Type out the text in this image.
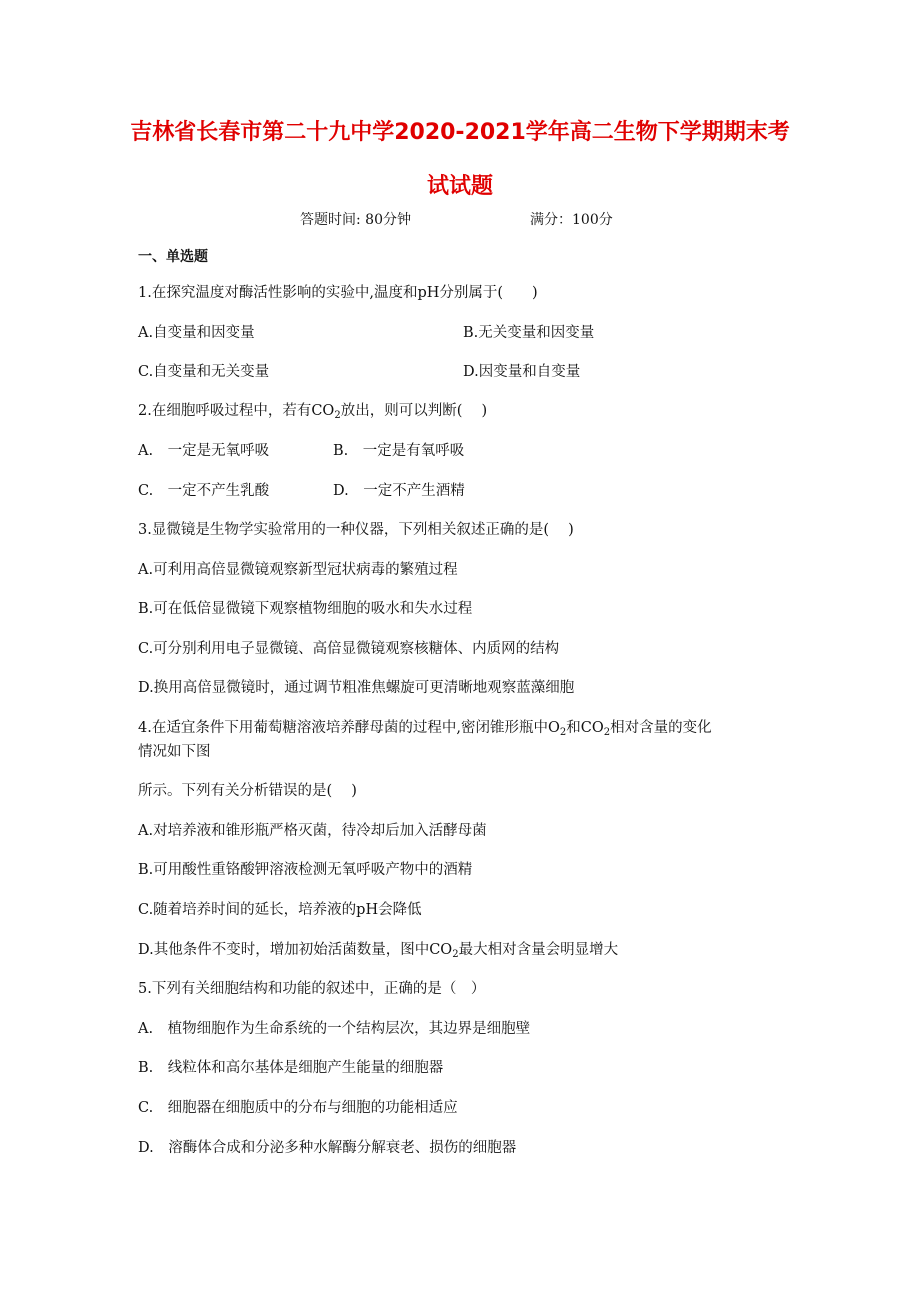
吉林省长春市第二十九中学2020-2021学年高二生物下学期期末考
试试题
答题时间: 80分钟	满分：100分
一、单选题
1.在探究温度对酶活性影响的实验中,温度和pH分别属于(　　)
A.自变量和因变量	B.无关变量和因变量
C.自变量和无关变量	D.因变量和自变量
2.在细胞呼吸过程中，若有$CO_2$放出，则可以判断(　 )
A.　一定是无氧呼吸	B.　一定是有氧呼吸
C.　一定不产生乳酸	D.　一定不产生酒精
3.显微镜是生物学实验常用的一种仪器，下列相关叙述正确的是(　 )
A.可利用高倍显微镜观察新型冠状病毒的繁殖过程
B.可在低倍显微镜下观察植物细胞的吸水和失水过程
C.可分别利用电子显微镜、高倍显微镜观察核糖体、内质网的结构
D.换用高倍显微镜时，通过调节粗准焦螺旋可更清晰地观察蓝藻细胞
4.在适宜条件下用葡萄糖溶液培养酵母菌的过程中,密闭锥形瓶中$O_2$和$CO_2$相对含量的变化
情况如下图
所示。下列有关分析错误的是(　 )
A.对培养液和锥形瓶严格灭菌，待冷却后加入活酵母菌
B.可用酸性重铬酸钾溶液检测无氧呼吸产物中的酒精
C.随着培养时间的延长，培养液的pH会降低
D.其他条件不变时，增加初始活菌数量，图中$CO_2$最大相对含量会明显增大
5.下列有关细胞结构和功能的叙述中，正确的是（　）
A.　植物细胞作为生命系统的一个结构层次，其边界是细胞壁
B.　线粒体和高尔基体是细胞产生能量的细胞器
C.　细胞器在细胞质中的分布与细胞的功能相适应
D.　溶酶体合成和分泌多种水解酶分解衰老、损伤的细胞器
